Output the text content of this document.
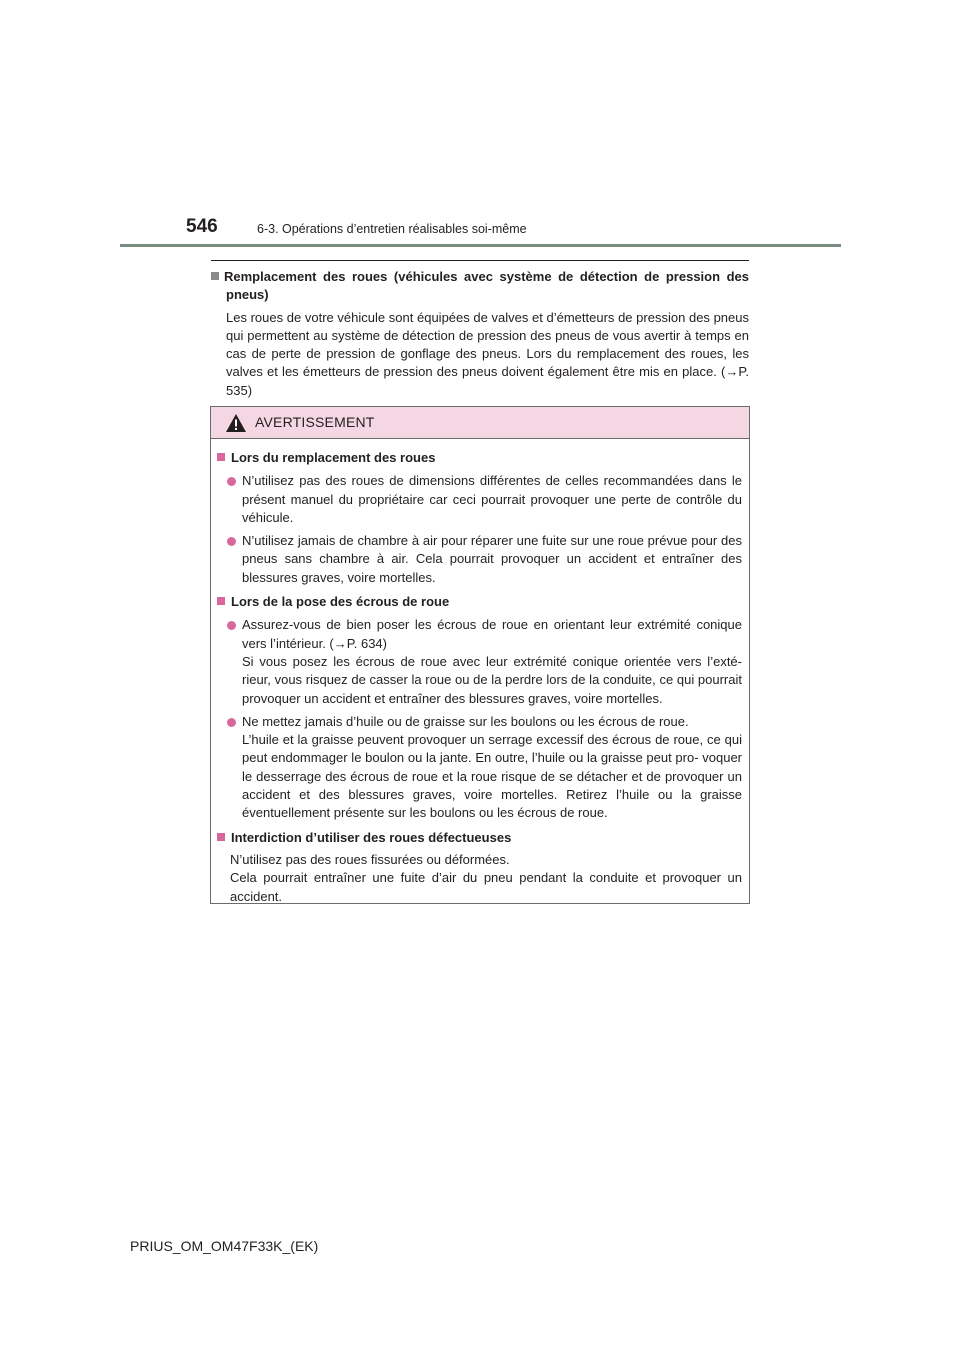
546	6-3. Opérations d’entretien réalisables soi-même
Remplacement des roues (véhicules avec système de détection de pression des pneus)
Les roues de votre véhicule sont équipées de valves et d’émetteurs de pression des pneus qui permettent au système de détection de pression des pneus de vous avertir à temps en cas de perte de pression de gonflage des pneus. Lors du remplacement des roues, les valves et les émetteurs de pression des pneus doivent également être mis en place. (→P. 535)
AVERTISSEMENT
Lors du remplacement des roues
N’utilisez pas des roues de dimensions différentes de celles recommandées dans le présent manuel du propriétaire car ceci pourrait provoquer une perte de contrôle du véhicule.
N’utilisez jamais de chambre à air pour réparer une fuite sur une roue prévue pour des pneus sans chambre à air. Cela pourrait provoquer un accident et entraîner des blessures graves, voire mortelles.
Lors de la pose des écrous de roue
Assurez-vous de bien poser les écrous de roue en orientant leur extrémité conique vers l’intérieur. (→P. 634)
Si vous posez les écrous de roue avec leur extrémité conique orientée vers l’exté- rieur, vous risquez de casser la roue ou de la perdre lors de la conduite, ce qui pourrait provoquer un accident et entraîner des blessures graves, voire mortelles.
Ne mettez jamais d’huile ou de graisse sur les boulons ou les écrous de roue.
L’huile et la graisse peuvent provoquer un serrage excessif des écrous de roue, ce qui peut endommager le boulon ou la jante. En outre, l’huile ou la graisse peut pro- voquer le desserrage des écrous de roue et la roue risque de se détacher et de provoquer un accident et des blessures graves, voire mortelles. Retirez l’huile ou la graisse éventuellement présente sur les boulons ou les écrous de roue.
Interdiction d’utiliser des roues défectueuses
N’utilisez pas des roues fissurées ou déformées.
Cela pourrait entraîner une fuite d’air du pneu pendant la conduite et provoquer un accident.
PRIUS_OM_OM47F33K_(EK)
